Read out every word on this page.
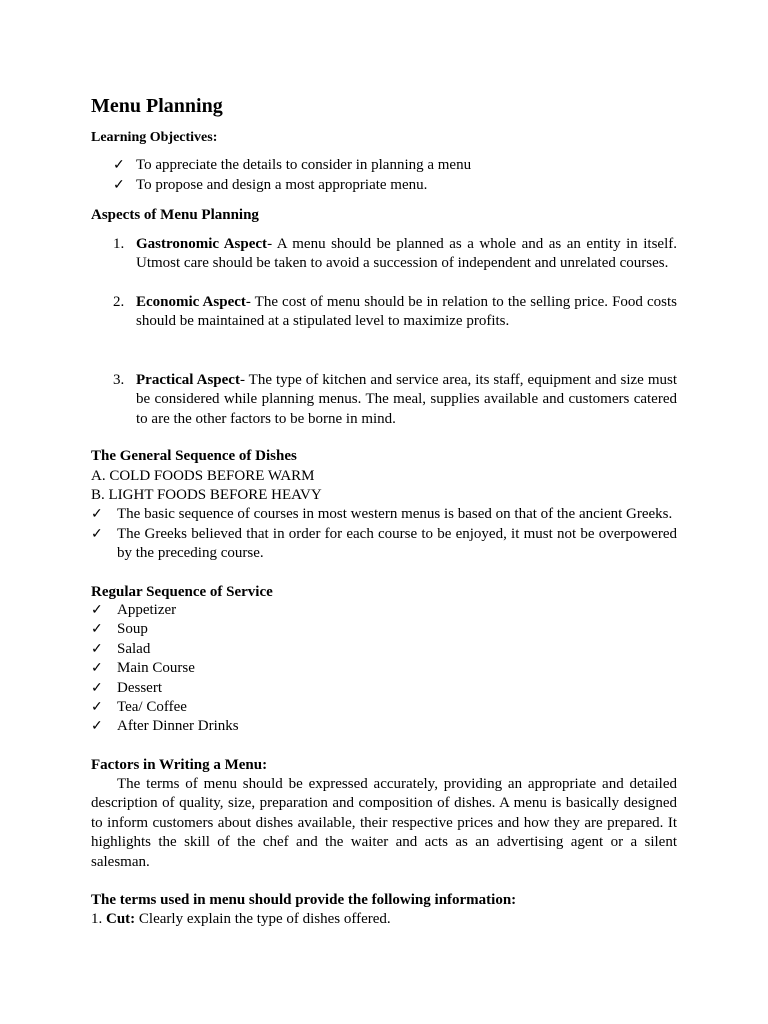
Menu Planning
Learning Objectives:
✓ To appreciate the details to consider in planning a menu
✓ To propose and design a most appropriate menu.
Aspects of Menu Planning
1. Gastronomic Aspect- A menu should be planned as a whole and as an entity in itself. Utmost care should be taken to avoid a succession of independent and unrelated courses.
2. Economic Aspect- The cost of menu should be in relation to the selling price. Food costs should be maintained at a stipulated level to maximize profits.
3. Practical Aspect- The type of kitchen and service area, its staff, equipment and size must be considered while planning menus. The meal, supplies available and customers catered to are the other factors to be borne in mind.
The General Sequence of Dishes
A. COLD FOODS BEFORE WARM
B. LIGHT FOODS BEFORE HEAVY
✓ The basic sequence of courses in most western menus is based on that of the ancient Greeks.
✓ The Greeks believed that in order for each course to be enjoyed, it must not be overpowered by the preceding course.
Regular Sequence of Service
✓ Appetizer
✓ Soup
✓ Salad
✓ Main Course
✓ Dessert
✓ Tea/ Coffee
✓ After Dinner Drinks
Factors in Writing a Menu:
The terms of menu should be expressed accurately, providing an appropriate and detailed description of quality, size, preparation and composition of dishes. A menu is basically designed to inform customers about dishes available, their respective prices and how they are prepared. It highlights the skill of the chef and the waiter and acts as an advertising agent or a silent salesman.
The terms used in menu should provide the following information:
1. Cut: Clearly explain the type of dishes offered.
